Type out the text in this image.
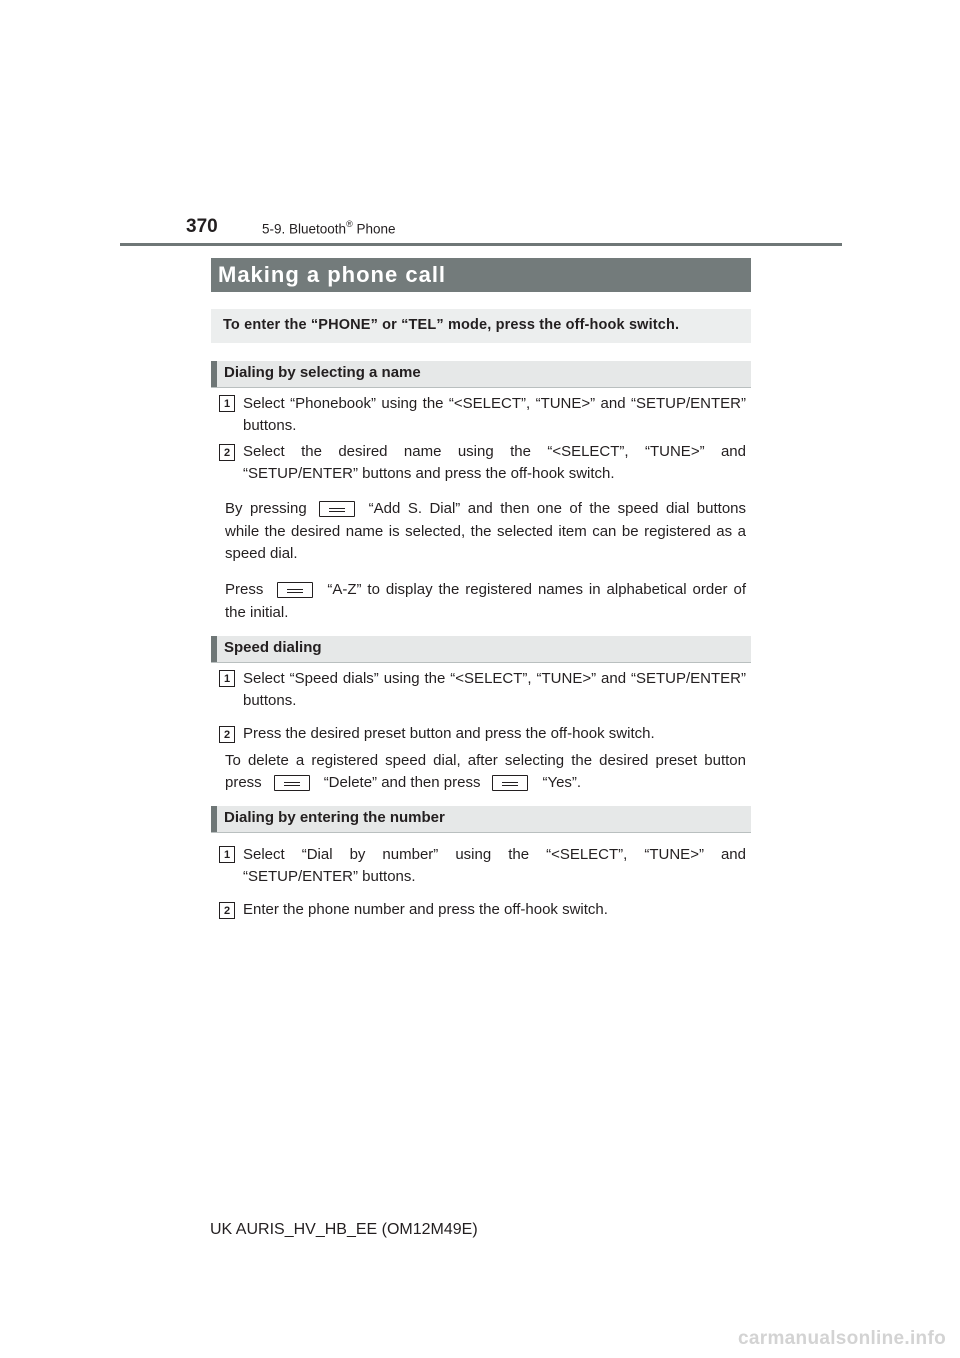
370	5-9. Bluetooth® Phone
Making a phone call
To enter the “PHONE” or “TEL” mode, press the off-hook switch.
Dialing by selecting a name
1 Select “Phonebook” using the “<SELECT”, “TUNE>” and “SETUP/ENTER” buttons.
2 Select the desired name using the “<SELECT”, “TUNE>” and “SETUP/ENTER” buttons and press the off-hook switch.
By pressing	“Add S. Dial” and then one of the speed dial buttons while the desired name is selected, the selected item can be registered as a speed dial.
Press	“A-Z” to display the registered names in alphabetical order of the initial.
Speed dialing
1 Select “Speed dials” using the “<SELECT”, “TUNE>” and “SETUP/ENTER” buttons.
2 Press the desired preset button and press the off-hook switch.
To delete a registered speed dial, after selecting the desired preset button press	“Delete” and then press	“Yes”.
Dialing by entering the number
1 Select “Dial by number” using the “<SELECT”, “TUNE>” and “SETUP/ENTER” buttons.
2 Enter the phone number and press the off-hook switch.
UK AURIS_HV_HB_EE (OM12M49E)
carmanualsonline.info
